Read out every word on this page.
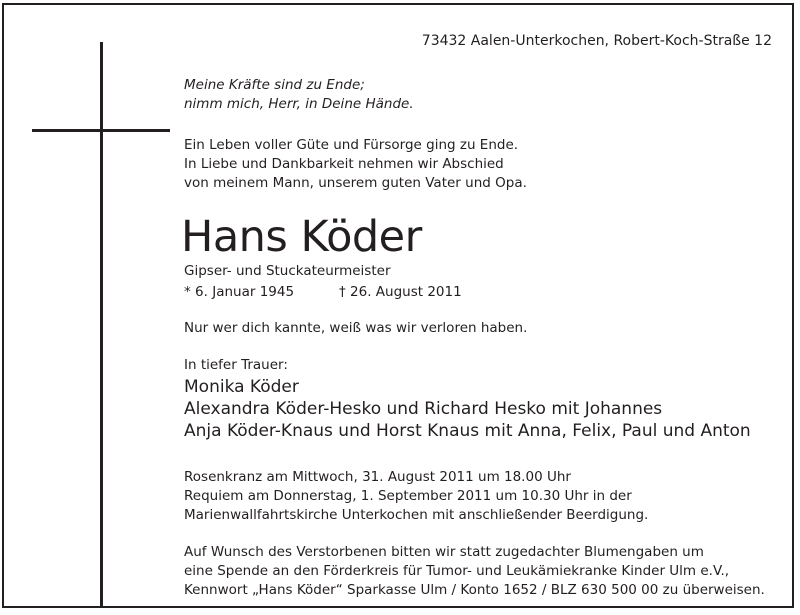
73432 Aalen-Unterkochen, Robert-Koch-Straße 12
Meine Kräfte sind zu Ende;
nimm mich, Herr, in Deine Hände.
Ein Leben voller Güte und Fürsorge ging zu Ende.
In Liebe und Dankbarkeit nehmen wir Abschied
von meinem Mann, unserem guten Vater und Opa.
Hans Köder
Gipser- und Stuckateurmeister
* 6. Januar 1945	† 26. August 2011
Nur wer dich kannte, weiß was wir verloren haben.
In tiefer Trauer:
Monika Köder
Alexandra Köder-Hesko und Richard Hesko mit Johannes
Anja Köder-Knaus und Horst Knaus mit Anna, Felix, Paul und Anton
Rosenkranz am Mittwoch, 31. August 2011 um 18.00 Uhr
Requiem am Donnerstag, 1. September 2011 um 10.30 Uhr in der
Marienwallfahrtskirche Unterkochen mit anschließender Beerdigung.
Auf Wunsch des Verstorbenen bitten wir statt zugedachter Blumengaben um
eine Spende an den Förderkreis für Tumor- und Leukämiekranke Kinder Ulm e.V.,
Kennwort „Hans Köder“ Sparkasse Ulm / Konto 1652 / BLZ 630 500 00 zu überweisen.
